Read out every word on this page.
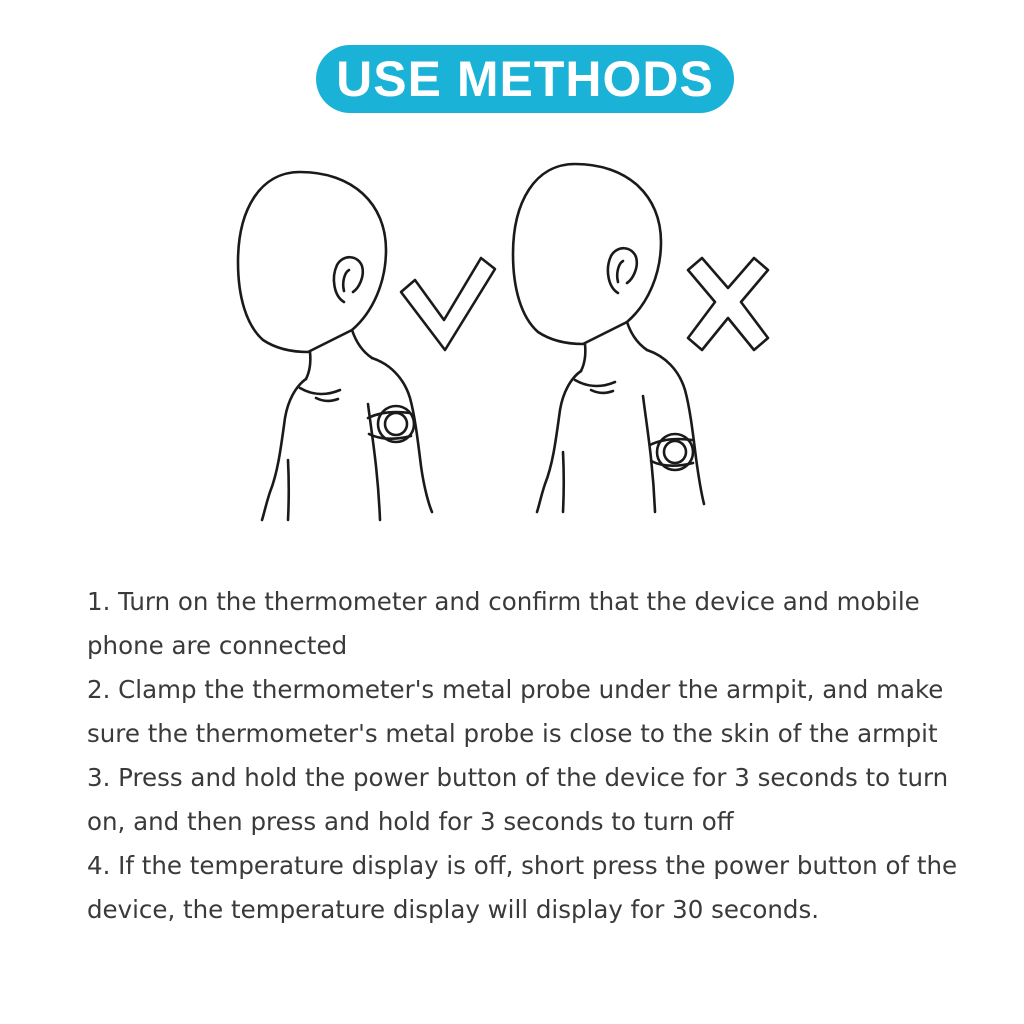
USE METHODS
1. Turn on the thermometer and confirm that the device and mobile phone are connected
2. Clamp the thermometer's metal probe under the armpit, and make sure the thermometer's metal probe is close to the skin of the armpit
3. Press and hold the power button of the device for 3 seconds to turn on, and then press and hold for 3 seconds to turn off
4. If the temperature display is off, short press the power button of the device, the temperature display will display for 30 seconds.
